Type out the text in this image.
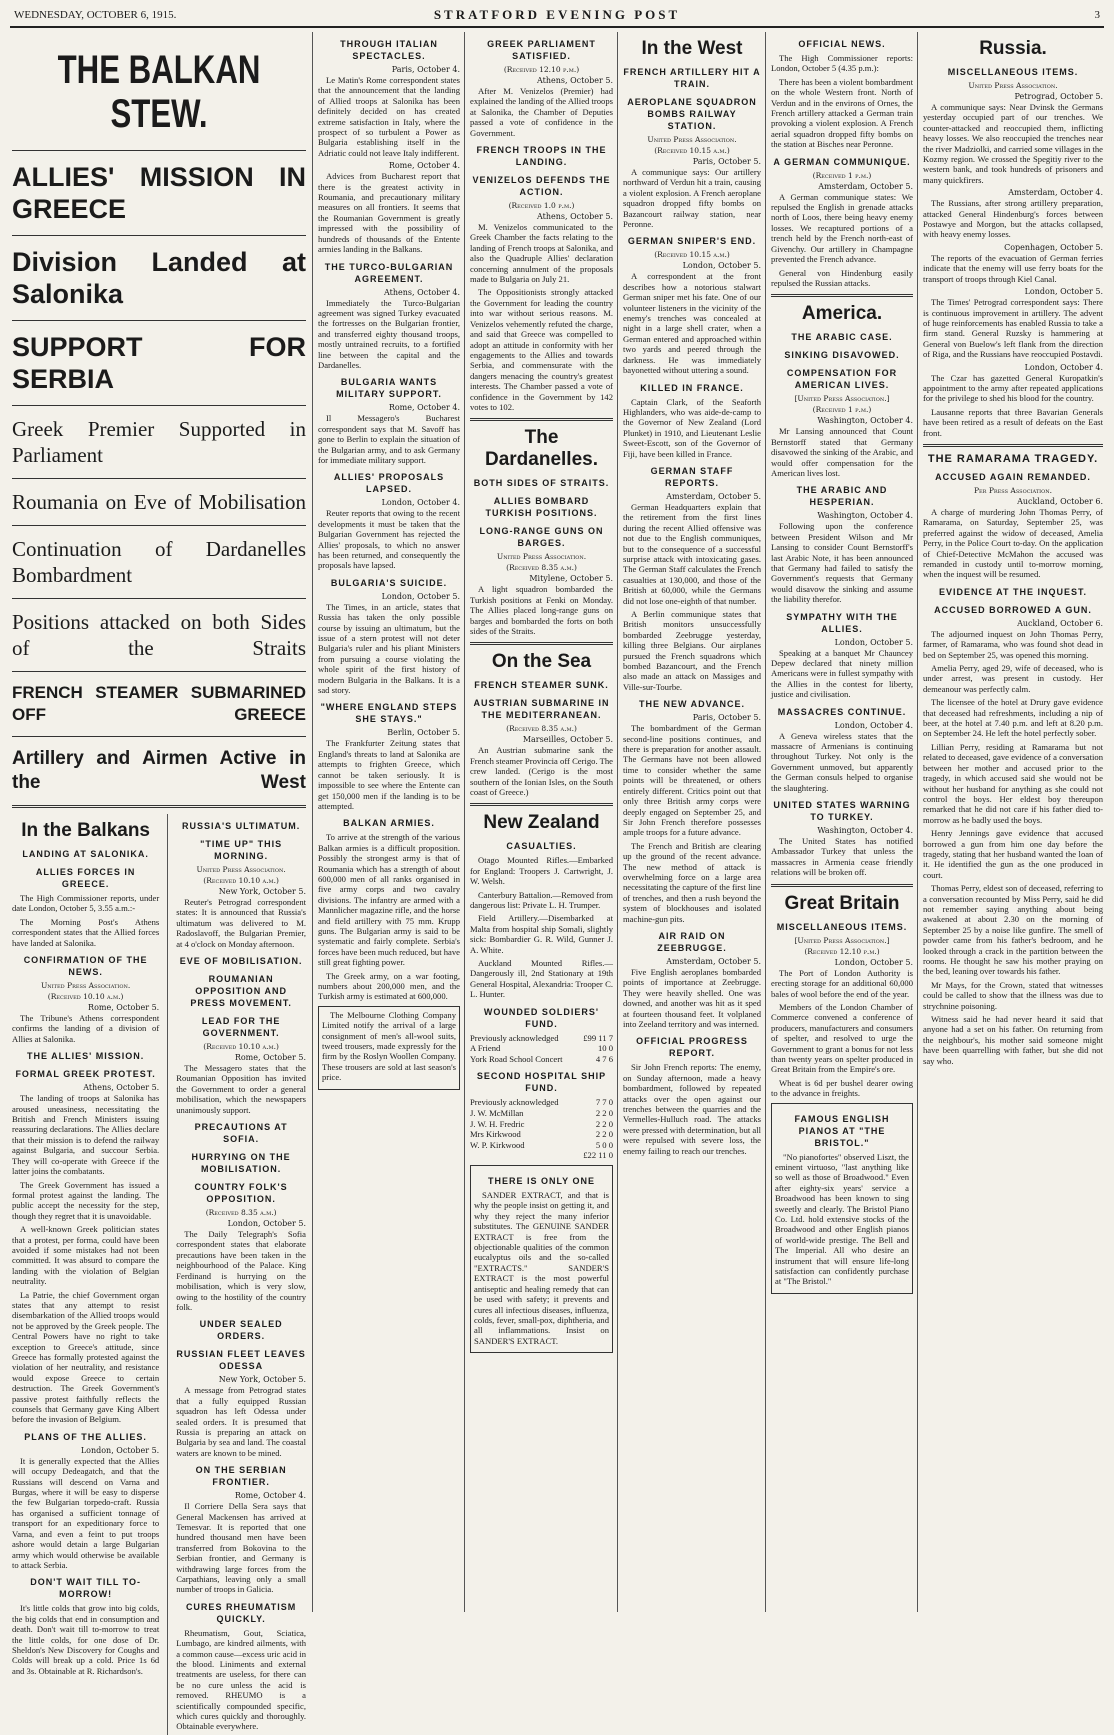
WEDNESDAY, OCTOBER 6, 1915.	STRATFORD EVENING POST	3
THE BALKAN STEW.
ALLIES' MISSION IN GREECE
Division Landed at Salonika
SUPPORT FOR SERBIA
Greek Premier Supported in Parliament
Roumania on Eve of Mobilisation
Continuation of Dardanelles Bombardment
Positions attacked on both Sides of the Straits
FRENCH STEAMER SUBMARINED OFF GREECE
Artillery and Airmen Active in the West
In the Balkans
LANDING AT SALONIKA.
ALLIES FORCES IN GREECE.

The High Commissioner reports, under date London, October 5, 3.55 a.m.:-

The Morning Post's Athens correspondent states that the Allied forces have landed at Salonika.

CONFIRMATION OF THE NEWS.
United Press Association.
(Received 10.10 a.m.)
Rome, October 5.

The Tribune's Athens correspondent confirms the landing of a division of Allies at Salonika.

THE ALLIES' MISSION.
FORMAL GREEK PROTEST.
Athens, October 5.

The landing of troops at Salonika has aroused uneasiness, necessitating the British and French Ministers issuing reassuring declarations. The Allies declare that their mission is to defend the railway against Bulgaria, and succour Serbia. They will co-operate with Greece if the latter joins the combatants.

The Greek Government has issued a formal protest against the landing. The public accept the necessity for the step, though they regret that it is unavoidable.

A well-known Greek politician states that a protest, per forma, could have been avoided if some mistakes had not been committed. It was absurd to compare the landing with the violation of Belgian neutrality.

La Patrie, the chief Government organ states that any attempt to resist disembarkation of the Allied troops would not be approved by the Greek people. The Central Powers have no right to take exception to Greece's attitude, since Greece has formally protested against the violation of her neutrality, and resistance would expose Greece to certain destruction. The Greek Government's passive protest faithfully reflects the counsels that Germany gave King Albert before the invasion of Belgium.

PLANS OF THE ALLIES.
London, October 5.

It is generally expected that the Allies will occupy Dedeagatch, and that the Russians will descend on Varna and Burgas, where it will be easy to disperse the few Bulgarian torpedo-craft. Russia has organised a sufficient tonnage of transport for an expeditionary force to Varna, and even a feint to put troops ashore would detain a large Bulgarian army which would otherwise be available to attack Serbia.

DON'T WAIT TILL TO-MORROW!

It's little colds that grow into big colds, the big colds that end in consumption and death. Don't wait till to-morrow to treat the little colds, for one dose of Dr. Sheldon's New Discovery for Coughs and Colds will break up a cold. Price 1s 6d and 3s. Obtainable at R. Richardson's.

RUSSIA'S ULTIMATUM.
"TIME UP" THIS MORNING.
United Press Association.
(Received 10.10 a.m.)
New York, October 5.

Reuter's Petrograd correspondent states: It is announced that Russia's ultimatum was delivered to M. Radoslavoff, the Bulgarian Premier, at 4 o'clock on Monday afternoon.

EVE OF MOBILISATION.
ROUMANIAN OPPOSITION AND PRESS MOVEMENT.
LEAD FOR THE GOVERNMENT.
(Received 10.10 a.m.)
Rome, October 5.

The Messagero states that the Roumanian Opposition has invited the Government to order a general mobilisation, which the newspapers unanimously support.

PRECAUTIONS AT SOFIA.
HURRYING ON THE MOBILISATION.
COUNTRY FOLK'S OPPOSITION.
(Received 8.35 a.m.)
London, October 5.

The Daily Telegraph's Sofia correspondent states that elaborate precautions have been taken in the neighbourhood of the Palace. King Ferdinand is hurrying on the mobilisation, which is very slow, owing to the hostility of the country folk.

UNDER SEALED ORDERS.
RUSSIAN FLEET LEAVES ODESSA
New York, October 5.

A message from Petrograd states that a fully equipped Russian squadron has left Odessa under sealed orders. It is presumed that Russia is preparing an attack on Bulgaria by sea and land. The coastal waters are known to be mined.

ON THE SERBIAN FRONTIER.
Rome, October 4.

Il Corriere Della Sera says that General Mackensen has arrived at Temesvar. It is reported that one hundred thousand men have been transferred from Bokovina to the Serbian frontier, and Germany is withdrawing large forces from the Carpathians, leaving only a small number of troops in Galicia.

CURES RHEUMATISM QUICKLY.

Rheumatism, Gout, Sciatica, Lumbago, are kindred ailments, with a common cause—excess uric acid in the blood. Liniments and external treatments are useless, for there can be no cure unless the acid is removed. RHEUMO is a scientifically compounded specific, which cures quickly and thoroughly. Obtainable everywhere.

THROUGH ITALIAN SPECTACLES.
Paris, October 4.

Le Matin's Rome correspondent states that the announcement that the landing of Allied troops at Salonika has been definitely decided on has created extreme satisfaction in Italy, where the prospect of so turbulent a Power as Bulgaria establishing itself in the Adriatic could not leave Italy indifferent.

Rome, October 4.

Advices from Bucharest report that there is the greatest activity in Roumania, and precautionary military measures on all frontiers. It seems that the Roumanian Government is greatly impressed with the possibility of hundreds of thousands of the Entente armies landing in the Balkans.

THE TURCO-BULGARIAN AGREEMENT.
Athens, October 4.

Immediately the Turco-Bulgarian agreement was signed Turkey evacuated the fortresses on the Bulgarian frontier, and transferred eighty thousand troops, mostly untrained recruits, to a fortified line between the capital and the Dardanelles.

BULGARIA WANTS MILITARY SUPPORT.
Rome, October 4.

Il Messagero's Bucharest correspondent says that M. Savoff has gone to Berlin to explain the situation of the Bulgarian army, and to ask Germany for immediate military support.

ALLIES' PROPOSALS LAPSED.
London, October 4.

Reuter reports that owing to the recent developments it must be taken that the Bulgarian Government has rejected the Allies' proposals, to which no answer has been returned, and consequently the proposals have lapsed.

BULGARIA'S SUICIDE.
London, October 5.

The Times, in an article, states that Russia has taken the only possible course by issuing an ultimatum, but the issue of a stern protest will not deter Bulgaria's ruler and his pliant Ministers from pursuing a course violating the whole spirit of the first history of modern Bulgaria in the Balkans. It is a sad story.

"WHERE ENGLAND STEPS SHE STAYS."
Berlin, October 5.

The Frankfurter Zeitung states that England's threats to land at Salonika are attempts to frighten Greece, which cannot be taken seriously. It is impossible to see where the Entente can get 150,000 men if the landing is to be attempted.

BALKAN ARMIES.

To arrive at the strength of the various Balkan armies is a difficult proposition. Possibly the strongest army is that of Roumania which has a strength of about 600,000 men of all ranks organised in five army corps and two cavalry divisions. The infantry are armed with a Mannlicher magazine rifle, and the horse and field artillery with 75 mm. Krupp guns. The Bulgarian army is said to be systematic and fairly complete. Serbia's forces have been much reduced, but have still great fighting power.

The Greek army, on a war footing, numbers about 200,000 men, and the Turkish army is estimated at 600,000.

The Melbourne Clothing Company Limited notify the arrival of a large consignment of men's all-wool suits, tweed trousers, made expressly for the firm by the Roslyn Woollen Company. These trousers are sold at last season's price.

GREEK PARLIAMENT SATISFIED.
(Received 12.10 p.m.)
Athens, October 5.

After M. Venizelos (Premier) had explained the landing of the Allied troops at Salonika, the Chamber of Deputies passed a vote of confidence in the Government.

FRENCH TROOPS IN THE LANDING.
VENIZELOS DEFENDS THE ACTION.
(Received 1.0 p.m.)
Athens, October 5.

M. Venizelos communicated to the Greek Chamber the facts relating to the landing of French troops at Salonika, and also the Quadruple Allies' declaration concerning annulment of the proposals made to Bulgaria on July 21.

The Oppositionists strongly attacked the Government for leading the country into war without serious reasons. M. Venizelos vehemently refuted the charge, and said that Greece was compelled to adopt an attitude in conformity with her engagements to the Allies and towards Serbia, and commensurate with the dangers menacing the country's greatest interests. The Chamber passed a vote of confidence in the Government by 142 votes to 102.

The Dardanelles.
BOTH SIDES OF STRAITS.
ALLIES BOMBARD TURKISH POSITIONS.
LONG-RANGE GUNS ON BARGES.
United Press Association.
(Received 8.35 a.m.)
Mitylene, October 5.

A light squadron bombarded the Turkish positions at Fenki on Monday. The Allies placed long-range guns on barges and bombarded the forts on both sides of the Straits.

On the Sea
FRENCH STEAMER SUNK.
AUSTRIAN SUBMARINE IN THE MEDITERRANEAN.
(Received 8.35 a.m.)
Marseilles, October 5.

An Austrian submarine sank the French steamer Provincia off Cerigo. The crew landed. (Cerigo is the most southern of the Ionian Isles, on the South coast of Greece.)

New Zealand
CASUALTIES.

Otago Mounted Rifles.—Embarked for England: Troopers J. Cartwright, J. W. Welsh.

Canterbury Battalion.—Removed from dangerous list: Private L. H. Trumper.

Field Artillery.—Disembarked at Malta from hospital ship Somali, slightly sick: Bombardier G. R. Wild, Gunner J. A. White.

Auckland Mounted Rifles.—Dangerously ill, 2nd Stationary at 19th General Hospital, Alexandria: Trooper C. L. Hunter.

WOUNDED SOLDIERS' FUND.
Previously acknowledged	£99 11 7
A Friend	10 0
York Road School Concert	4 7 6
SECOND HOSPITAL SHIP FUND.
Previously acknowledged	7 7 0
J. W. McMillan	2 2 0
J. W. H. Fredric	2 2 0
Mrs Kirkwood	2 2 0
W. P. Kirkwood	5 0 0
£22 11 0
THERE IS ONLY ONE

SANDER EXTRACT, and that is why the people insist on getting it, and why they reject the many inferior substitutes. The GENUINE SANDER EXTRACT is free from the objectionable qualities of the common eucalyptus oils and the so-called "EXTRACTS." SANDER'S EXTRACT is the most powerful antiseptic and healing remedy that can be used with safety; it prevents and cures all infectious diseases, influenza, colds, fever, small-pox, diphtheria, and all inflammations. Insist on SANDER'S EXTRACT.

In the West
FRENCH ARTILLERY HIT A TRAIN.
AEROPLANE SQUADRON BOMBS RAILWAY STATION.
United Press Association.
(Received 10.15 a.m.)
Paris, October 5.

A communique says: Our artillery northward of Verdun hit a train, causing a violent explosion. A French aeroplane squadron dropped fifty bombs on Bazancourt railway station, near Peronne.

GERMAN SNIPER'S END.
(Received 10.15 a.m.)
London, October 5.

A correspondent at the front describes how a notorious stalwart German sniper met his fate. One of our volunteer listeners in the vicinity of the enemy's trenches was concealed at night in a large shell crater, when a German entered and approached within two yards and peered through the darkness. He was immediately bayonetted without uttering a sound.

KILLED IN FRANCE.

Captain Clark, of the Seaforth Highlanders, who was aide-de-camp to the Governor of New Zealand (Lord Plunket) in 1910, and Lieutenant Leslie Sweet-Escott, son of the Governor of Fiji, have been killed in France.

GERMAN STAFF REPORTS.
Amsterdam, October 5.

German Headquarters explain that the retirement from the first lines during the recent Allied offensive was not due to the English communiques, but to the consequence of a successful surprise attack with intoxicating gases. The German Staff calculates the French casualties at 130,000, and those of the British at 60,000, while the Germans did not lose one-eighth of that number.

A Berlin communique states that British monitors unsuccessfully bombarded Zeebrugge yesterday, killing three Belgians. Our airplanes pursued the French squadrons which bombed Bazancourt, and the French also made an attack on Massiges and Ville-sur-Tourbe.

THE NEW ADVANCE.
Paris, October 5.

The bombardment of the German second-line positions continues, and there is preparation for another assault. The Germans have not been allowed time to consider whether the same points will be threatened, or others entirely different. Critics point out that only three British army corps were deeply engaged on September 25, and Sir John French therefore possesses ample troops for a future advance.

The French and British are clearing up the ground of the recent advance. The new method of attack is overwhelming force on a large area necessitating the capture of the first line of trenches, and then a rush beyond the system of blockhouses and isolated machine-gun pits.

AIR RAID ON ZEEBRUGGE.
Amsterdam, October 5.

Five English aeroplanes bombarded points of importance at Zeebrugge. They were heavily shelled. One was downed, and another was hit as it sped at fourteen thousand feet. It volplaned into Zeeland territory and was interned.

OFFICIAL PROGRESS REPORT.

Sir John French reports: The enemy, on Sunday afternoon, made a heavy bombardment, followed by repeated attacks over the open against our trenches between the quarries and the Vermelles-Hulluch road. The attacks were pressed with determination, but all were repulsed with severe loss, the enemy failing to reach our trenches.

OFFICIAL NEWS.

The High Commissioner reports: London, October 5 (4.35 p.m.):

There has been a violent bombardment on the whole Western front. North of Verdun and in the environs of Ornes, the French artillery attacked a German train provoking a violent explosion. A French aerial squadron dropped fifty bombs on the station at Bisches near Peronne.

A GERMAN COMMUNIQUE.
(Received 1 p.m.)
Amsterdam, October 5.

A German communique states: We repulsed the English in grenade attacks north of Loos, there being heavy enemy losses. We recaptured portions of a trench held by the French north-east of Givenchy. Our artillery in Champagne prevented the French advance.

General von Hindenburg easily repulsed the Russian attacks.

America.
THE ARABIC CASE.
SINKING DISAVOWED.
COMPENSATION FOR AMERICAN LIVES.
[United Press Association.]
(Received 1 p.m.)
Washington, October 4.

Mr Lansing announced that Count Bernstorff stated that Germany disavowed the sinking of the Arabic, and would offer compensation for the American lives lost.

THE ARABIC AND HESPERIAN.
Washington, October 4.

Following upon the conference between President Wilson and Mr Lansing to consider Count Bernstorff's last Arabic Note, it has been announced that Germany had failed to satisfy the Government's requests that Germany would disavow the sinking and assume the liability therefor.

SYMPATHY WITH THE ALLIES.
London, October 5.

Speaking at a banquet Mr Chauncey Depew declared that ninety million Americans were in fullest sympathy with the Allies in the contest for liberty, justice and civilisation.

MASSACRES CONTINUE.
London, October 4.

A Geneva wireless states that the massacre of Armenians is continuing throughout Turkey. Not only is the Government unmoved, but apparently the German consuls helped to organise the slaughtering.

UNITED STATES WARNING TO TURKEY.
Washington, October 4.

The United States has notified Ambassador Turkey that unless the massacres in Armenia cease friendly relations will be broken off.

Great Britain
MISCELLANEOUS ITEMS.
[United Press Association.]
(Received 12.10 p.m.)
London, October 5.

The Port of London Authority is erecting storage for an additional 60,000 bales of wool before the end of the year.

Members of the London Chamber of Commerce convened a conference of producers, manufacturers and consumers of spelter, and resolved to urge the Government to grant a bonus for not less than twenty years on spelter produced in Great Britain from the Empire's ore.

Wheat is 6d per bushel dearer owing to the advance in freights.

FAMOUS ENGLISH PIANOS AT "THE BRISTOL."

"No pianofortes" observed Liszt, the eminent virtuoso, "last anything like so well as those of Broadwood." Even after eighty-six years' service a Broadwood has been known to sing sweetly and clearly. The Bristol Piano Co. Ltd. hold extensive stocks of the Broadwood and other English pianos of world-wide prestige. The Bell and The Imperial. All who desire an instrument that will ensure life-long satisfaction can confidently purchase at "The Bristol."

Russia.
MISCELLANEOUS ITEMS.
United Press Association.
Petrograd, October 5.

A communique says: Near Dvinsk the Germans yesterday occupied part of our trenches. We counter-attacked and reoccupied them, inflicting heavy losses. We also reoccupied the trenches near the river Madziolki, and carried some villages in the Kozmy region. We crossed the Spegitiy river to the western bank, and took hundreds of prisoners and many quickfirers.

Amsterdam, October 4.

The Russians, after strong artillery preparation, attacked General Hindenburg's forces between Postawye and Morgon, but the attacks collapsed, with heavy enemy losses.

Copenhagen, October 5.

The reports of the evacuation of German ferries indicate that the enemy will use ferry boats for the transport of troops through Kiel Canal.

London, October 5.

The Times' Petrograd correspondent says: There is continuous improvement in artillery. The advent of huge reinforcements has enabled Russia to take a firm stand. General Ruzsky is hammering at General von Buelow's left flank from the direction of Riga, and the Russians have reoccupied Postavdi.

London, October 4.

The Czar has gazetted General Kuropatkin's appointment to the army after repeated applications for the privilege to shed his blood for the country.

Lausanne reports that three Bavarian Generals have been retired as a result of defeats on the East front.

THE RAMARAMA TRAGEDY.
ACCUSED AGAIN REMANDED.
Per Press Association.
Auckland, October 6.

A charge of murdering John Thomas Perry, of Ramarama, on Saturday, September 25, was preferred against the widow of deceased, Amelia Perry, in the Police Court to-day. On the application of Chief-Detective McMahon the accused was remanded in custody until to-morrow morning, when the inquest will be resumed.

EVIDENCE AT THE INQUEST.
ACCUSED BORROWED A GUN.
Auckland, October 6.

The adjourned inquest on John Thomas Perry, farmer, of Ramarama, who was found shot dead in bed on September 25, was opened this morning.

Amelia Perry, aged 29, wife of deceased, who is under arrest, was present in custody. Her demeanour was perfectly calm.

The licensee of the hotel at Drury gave evidence that deceased had refreshments, including a nip of beer, at the hotel at 7.40 p.m. and left at 8.20 p.m. on September 24. He left the hotel perfectly sober.

Lillian Perry, residing at Ramarama but not related to deceased, gave evidence of a conversation between her mother and accused prior to the tragedy, in which accused said she would not be without her husband for anything as she could not control the boys. Her eldest boy thereupon remarked that he did not care if his father died to-morrow as he badly used the boys.

Henry Jennings gave evidence that accused borrowed a gun from him one day before the tragedy, stating that her husband wanted the loan of it. He identified the gun as the one produced in court.

Thomas Perry, eldest son of deceased, referring to a conversation recounted by Miss Perry, said he did not remember saying anything about being awakened at about 2.30 on the morning of September 25 by a noise like gunfire. The smell of powder came from his father's bedroom, and he looked through a crack in the partition between the rooms. He thought he saw his mother praying on the bed, leaning over towards his father.

Mr Mays, for the Crown, stated that witnesses could be called to show that the illness was due to strychnine poisoning.

Witness said he had never heard it said that anyone had a set on his father. On returning from the neighbour's, his mother said someone might have been quarrelling with father, but she did not say who.
